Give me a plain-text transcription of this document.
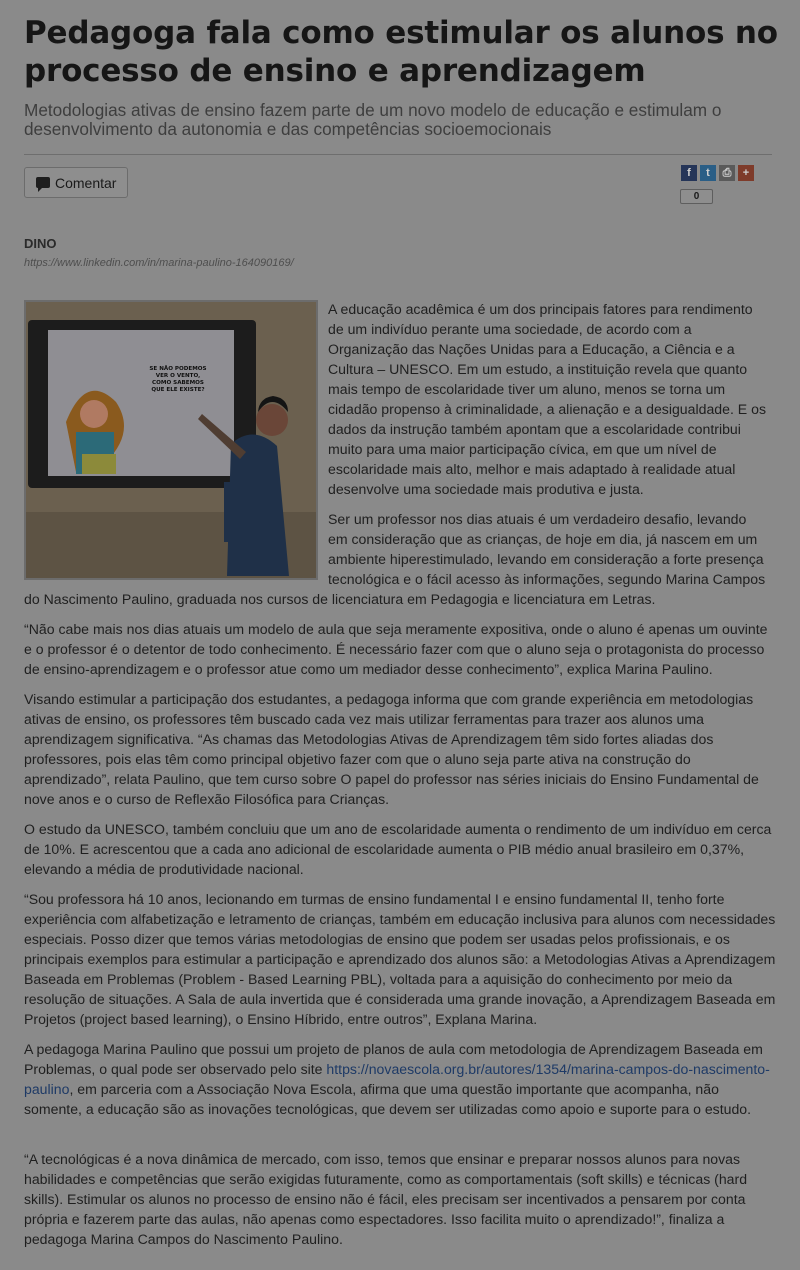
Pedagoga fala como estimular os alunos no processo de ensino e aprendizagem

Metodologias ativas de ensino fazem parte de um novo modelo de educação e estimulam o desenvolvimento da autonomia e das competências socioemocionais

Comentar
f	t	⎙	+
0
DINO
https://www.linkedin.com/in/marina-paulino-164090169/
SE NÃO PODEMOS
VER O VENTO,
COMO SABEMOS
QUE ELE EXISTE?
A educação acadêmica é um dos principais fatores para rendimento
de um indivíduo perante uma sociedade, de acordo com a
Organização das Nações Unidas para a Educação, a Ciência e a
Cultura – UNESCO. Em um estudo, a instituição revela que quanto
mais tempo de escolaridade tiver um aluno, menos se torna um
cidadão propenso à criminalidade, a alienação e a desigualdade. E os
dados da instrução também apontam que a escolaridade contribui
muito para uma maior participação cívica, em que um nível de
escolaridade mais alto, melhor e mais adaptado à realidade atual
desenvolve uma sociedade mais produtiva e justa.
Ser um professor nos dias atuais é um verdadeiro desafio, levando
em consideração que as crianças, de hoje em dia, já nascem em um
ambiente hiperestimulado, levando em consideração a forte presença
tecnológica e o fácil acesso às informações, segundo Marina Campos

do Nascimento Paulino, graduada nos cursos de licenciatura em Pedagogia e licenciatura em Letras.

“Não cabe mais nos dias atuais um modelo de aula que seja meramente expositiva, onde o aluno é apenas um ouvinte e o professor é o detentor de todo conhecimento. É necessário fazer com que o aluno seja o protagonista do processo de ensino-aprendizagem e o professor atue como um mediador desse conhecimento”, explica Marina Paulino.

Visando estimular a participação dos estudantes, a pedagoga informa que com grande experiência em metodologias ativas de ensino, os professores têm buscado cada vez mais utilizar ferramentas para trazer aos alunos uma aprendizagem significativa. “As chamas das Metodologias Ativas de Aprendizagem têm sido fortes aliadas dos professores, pois elas têm como principal objetivo fazer com que o aluno seja parte ativa na construção do aprendizado”, relata Paulino, que tem curso sobre O papel do professor nas séries iniciais do Ensino Fundamental de nove anos e o curso de Reflexão Filosófica para Crianças.

O estudo da UNESCO, também concluiu que um ano de escolaridade aumenta o rendimento de um indivíduo em cerca de 10%. E acrescentou que a cada ano adicional de escolaridade aumenta o PIB médio anual brasileiro em 0,37%, elevando a média de produtividade nacional.

“Sou professora há 10 anos, lecionando em turmas de ensino fundamental I e ensino fundamental II, tenho forte experiência com alfabetização e letramento de crianças, também em educação inclusiva para alunos com necessidades especiais. Posso dizer que temos várias metodologias de ensino que podem ser usadas pelos profissionais, e os principais exemplos para estimular a participação e aprendizado dos alunos são: a Metodologias Ativas a Aprendizagem Baseada em Problemas (Problem - Based Learning PBL), voltada para a aquisição do conhecimento por meio da resolução de situações. A Sala de aula invertida que é considerada uma grande inovação, a Aprendizagem Baseada em Projetos (project based learning), o Ensino Híbrido, entre outros”, Explana Marina.

A pedagoga Marina Paulino que possui um projeto de planos de aula com metodologia de Aprendizagem Baseada em Problemas, o qual pode ser observado pelo site https://novaescola.org.br/autores/1354/marina-campos-do-nascimento-paulino, em parceria com a Associação Nova Escola, afirma que uma questão importante que acompanha, não somente, a educação são as inovações tecnológicas, que devem ser utilizadas como apoio e suporte para o estudo.

“A tecnológicas é a nova dinâmica de mercado, com isso, temos que ensinar e preparar nossos alunos para novas habilidades e competências que serão exigidas futuramente, como as comportamentais (soft skills) e técnicas (hard skills). Estimular os alunos no processo de ensino não é fácil, eles precisam ser incentivados a pensarem por conta própria e fazerem parte das aulas, não apenas como espectadores. Isso facilita muito o aprendizado!”, finaliza a pedagoga Marina Campos do Nascimento Paulino.
